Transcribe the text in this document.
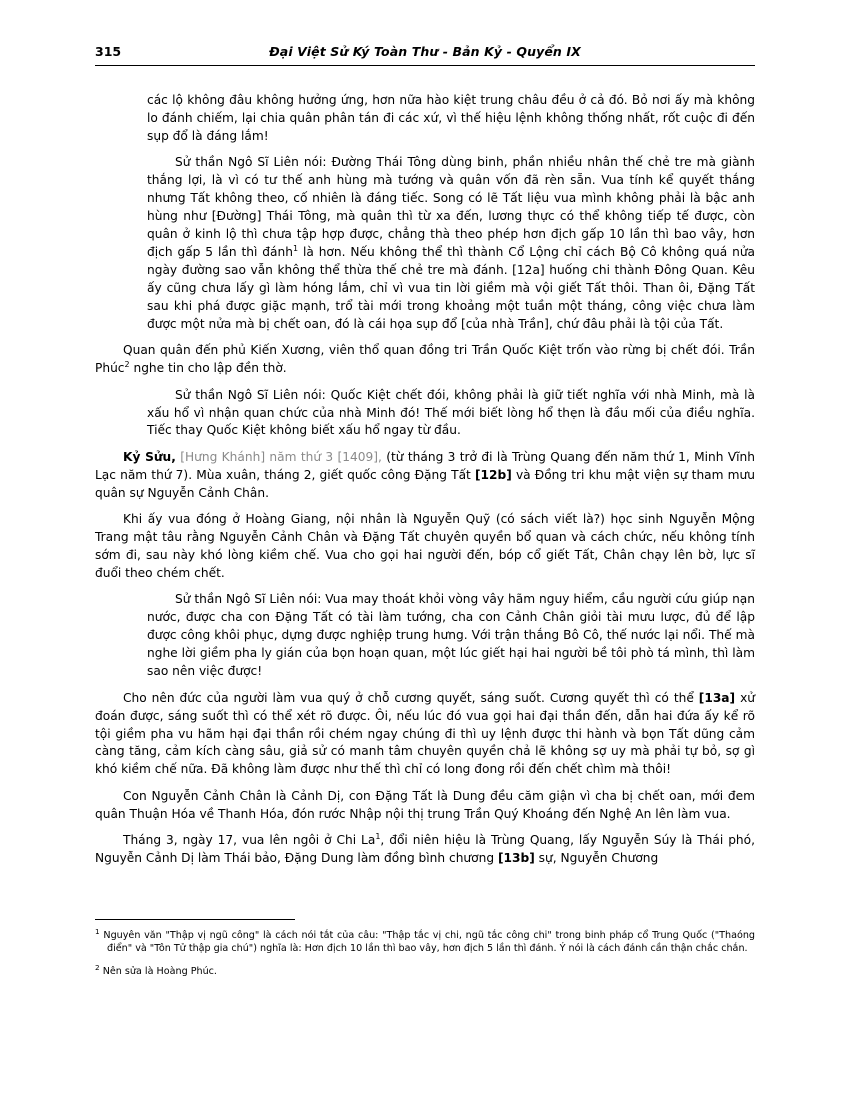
315	Đại Việt Sử Ký Toàn Thư - Bản Kỷ - Quyển IX

các lộ không đâu không hưởng ứng, hơn nữa hào kiệt trung châu đều ở cả đó. Bỏ nơi ấy mà không lo đánh chiếm, lại chia quân phân tán đi các xứ, vì thế hiệu lệnh không thống nhất, rốt cuộc đi đến sụp đổ là đáng lắm!

Sử thần Ngô Sĩ Liên nói: Đường Thái Tông dùng binh, phần nhiều nhân thế chẻ tre mà giành thắng lợi, là vì có tư thế anh hùng mà tướng và quân vốn đã rèn sẵn. Vua tính kể quyết thắng nhưng Tất không theo, cố nhiên là đáng tiếc. Song có lẽ Tất liệu vua mình không phải là bậc anh hùng như [Đường] Thái Tông, mà quân thì từ xa đến, lương thực có thể không tiếp tế được, còn quân ở kinh lộ thì chưa tập hợp được, chẳng thà theo phép hơn địch gấp 10 lần thì bao vây, hơn địch gấp 5 lần thì đánh$^1$ là hơn. Nếu không thể thì thành Cổ Lộng chỉ cách Bộ Cô không quá nửa ngày đường sao vẫn không thể thừa thế chẻ tre mà đánh. [12a] huống chi thành Đông Quan. Kêu ấy cũng chưa lấy gì làm hóng lắm, chỉ vì vua tin lời giềm mà vội giết Tất thôi. Than ôi, Đặng Tất sau khi phá được giặc mạnh, trổ tài mới trong khoảng một tuần một tháng, công việc chưa làm được một nửa mà bị chết oan, đó là cái họa sụp đổ [của nhà Trần], chứ đâu phải là tội của Tất.

Quan quân đến phủ Kiến Xương, viên thổ quan đồng tri Trần Quốc Kiệt trốn vào rừng bị chết đói. Trần Phúc$^2$ nghe tin cho lập đền thờ.

Sử thần Ngô Sĩ Liên nói: Quốc Kiệt chết đói, không phải là giữ tiết nghĩa với nhà Minh, mà là xấu hổ vì nhận quan chức của nhà Minh đó! Thế mới biết lòng hổ thẹn là đầu mối của điều nghĩa. Tiếc thay Quốc Kiệt không biết xấu hổ ngay từ đầu.

Kỷ Sửu, [Hưng Khánh] năm thứ 3 [1409], (từ tháng 3 trở đi là Trùng Quang đến năm thứ 1, Minh Vĩnh Lạc năm thứ 7). Mùa xuân, tháng 2, giết quốc công Đặng Tất [12b] và Đồng tri khu mật viện sự tham mưu quân sự Nguyễn Cảnh Chân.

Khi ấy vua đóng ở Hoàng Giang, nội nhân là Nguyễn Quỹ (có sách viết là?) học sinh Nguyễn Mộng Trang mật tâu rằng Nguyễn Cảnh Chân và Đặng Tất chuyên quyền bổ quan và cách chức, nếu không tính sớm đi, sau này khó lòng kiềm chế. Vua cho gọi hai người đến, bóp cổ giết Tất, Chân chạy lên bờ, lực sĩ đuổi theo chém chết.

Sử thần Ngô Sĩ Liên nói: Vua may thoát khỏi vòng vây hãm nguy hiểm, cầu người cứu giúp nạn nước, được cha con Đặng Tất có tài làm tướng, cha con Cảnh Chân giỏi tài mưu lược, đủ để lập được công khôi phục, dựng được nghiệp trung hưng. Với trận thắng Bô Cô, thế nước lại nổi. Thế mà nghe lời giềm pha ly gián của bọn hoạn quan, một lúc giết hại hai người bề tôi phò tá mình, thì làm sao nên việc được!

Cho nên đức của người làm vua quý ở chỗ cương quyết, sáng suốt. Cương quyết thì có thể [13a] xử đoán được, sáng suốt thì có thể xét rõ được. Ôi, nếu lúc đó vua gọi hai đại thần đến, dẫn hai đứa ấy kể rõ tội giềm pha vu hãm hại đại thần rồi chém ngay chúng đi thì uy lệnh được thi hành và bọn Tất dũng cảm càng tăng, cảm kích càng sâu, giả sử có manh tâm chuyên quyền chả lẽ không sợ uy mà phải tự bỏ, sợ gì khó kiềm chế nữa. Đã không làm được như thế thì chỉ có long đong rồi đến chết chìm mà thôi!

Con Nguyễn Cảnh Chân là Cảnh Dị, con Đặng Tất là Dung đều căm giận vì cha bị chết oan, mới đem quân Thuận Hóa về Thanh Hóa, đón rước Nhập nội thị trung Trần Quý Khoáng đến Nghệ An lên làm vua.

Tháng 3, ngày 17, vua lên ngôi ở Chi La$^1$, đổi niên hiệu là Trùng Quang, lấy Nguyễn Súy là Thái phó, Nguyễn Cảnh Dị làm Thái bảo, Đặng Dung làm đồng bình chương [13b] sự, Nguyễn Chương

$^1$ Nguyên văn "Thập vị ngũ công" là cách nói tắt của câu: "Thập tắc vị chi, ngũ tắc công chi" trong binh pháp cổ Trung Quốc ("Thaóng điển" và "Tôn Tử thập gia chú") nghĩa là: Hơn địch 10 lần thì bao vây, hơn địch 5 lần thì đánh. Ý nói là cách đánh cần thận chắc chắn.
$^2$ Nên sửa là Hoàng Phúc.
